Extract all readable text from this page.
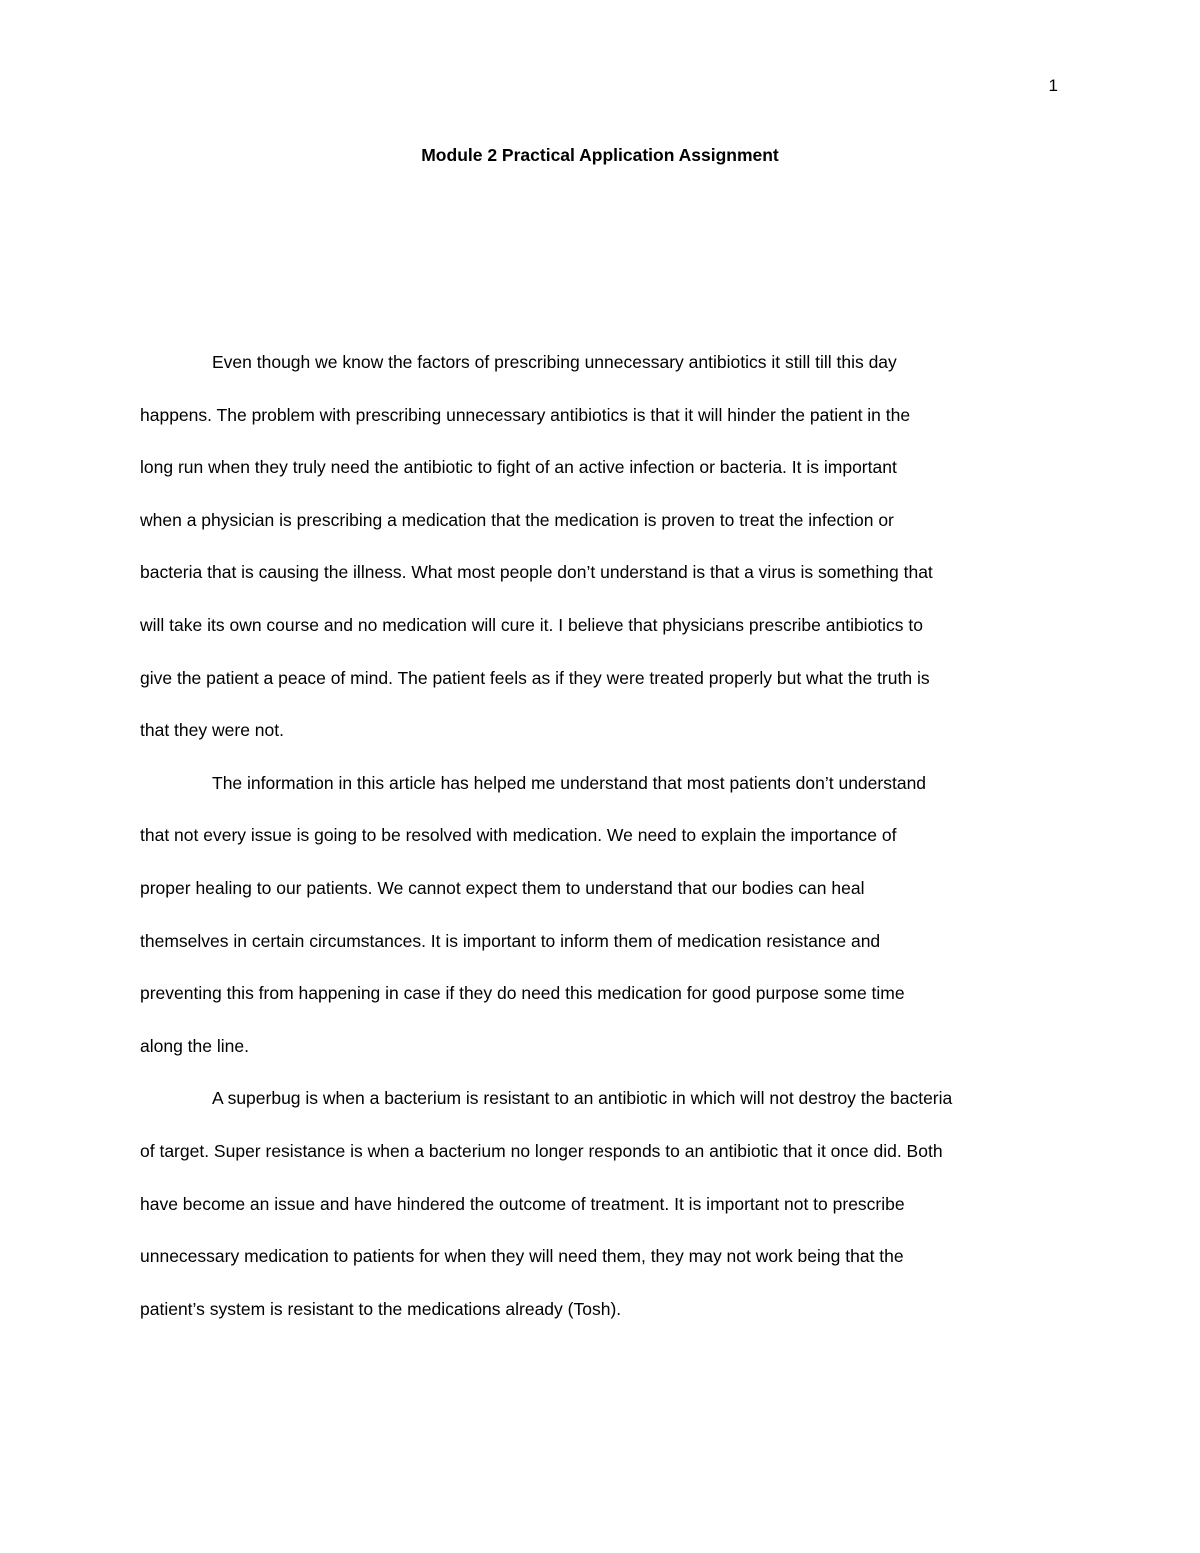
1
Module 2 Practical Application Assignment
Even though we know the factors of prescribing unnecessary antibiotics it still till this day
happens. The problem with prescribing unnecessary antibiotics is that it will hinder the patient in the
long run when they truly need the antibiotic to fight of an active infection or bacteria. It is important
when a physician is prescribing a medication that the medication is proven to treat the infection or
bacteria that is causing the illness. What most people don’t understand is that a virus is something that
will take its own course and no medication will cure it. I believe that physicians prescribe antibiotics to
give the patient a peace of mind. The patient feels as if they were treated properly but what the truth is
that they were not.
The information in this article has helped me understand that most patients don’t understand
that not every issue is going to be resolved with medication. We need to explain the importance of
proper healing to our patients. We cannot expect them to understand that our bodies can heal
themselves in certain circumstances. It is important to inform them of medication resistance and
preventing this from happening in case if they do need this medication for good purpose some time
along the line.
A superbug is when a bacterium is resistant to an antibiotic in which will not destroy the bacteria
of target. Super resistance is when a bacterium no longer responds to an antibiotic that it once did. Both
have become an issue and have hindered the outcome of treatment. It is important not to prescribe
unnecessary medication to patients for when they will need them, they may not work being that the
patient’s system is resistant to the medications already (Tosh).
